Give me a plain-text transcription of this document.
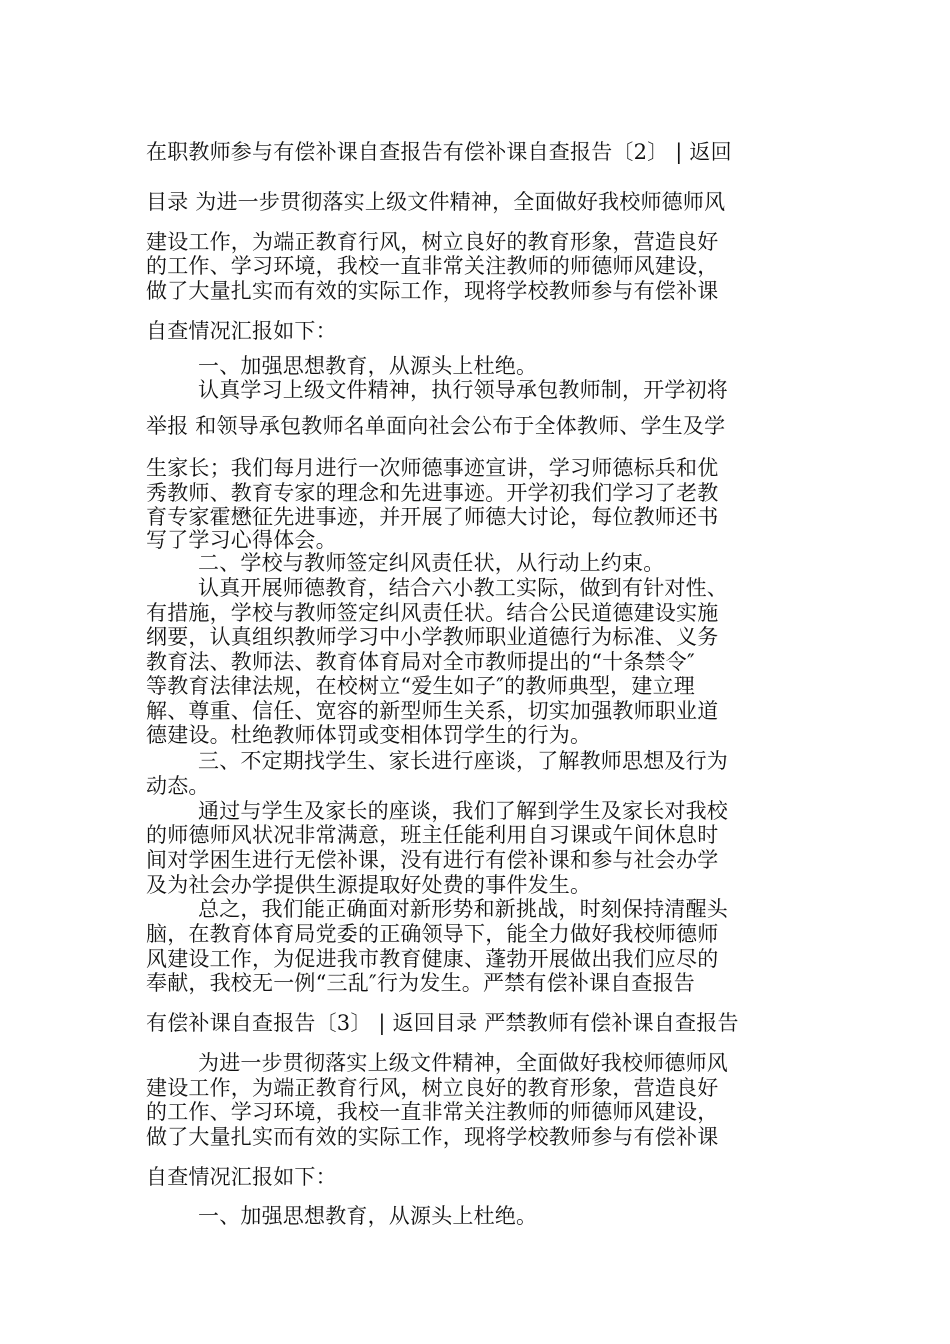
在职教师参与有偿补课自查报告有偿补课自查报告〔2〕 | 返回
目录 为进一步贯彻落实上级文件精神，全面做好我校师德师风
建设工作，为端正教育行风，树立良好的教育形象，营造良好
的工作、学习环境，我校一直非常关注教师的师德师风建设，
做了大量扎实而有效的实际工作，现将学校教师参与有偿补课
自查情况汇报如下：
一、加强思想教育，从源头上杜绝。
认真学习上级文件精神，执行领导承包教师制，开学初将
举报 和领导承包教师名单面向社会公布于全体教师、学生及学
生家长；我们每月进行一次师德事迹宣讲，学习师德标兵和优
秀教师、教育专家的理念和先进事迹。开学初我们学习了老教
育专家霍懋征先进事迹，并开展了师德大讨论，每位教师还书
写了学习心得体会。
二、学校与教师签定纠风责任状，从行动上约束。
认真开展师德教育，结合六小教工实际，做到有针对性、
有措施，学校与教师签定纠风责任状。结合公民道德建设实施
纲要，认真组织教师学习中小学教师职业道德行为标准、义务
教育法、教师法、教育体育局对全市教师提出的“十条禁令″
等教育法律法规，在校树立“爱生如子″的教师典型，建立理
解、尊重、信任、宽容的新型师生关系，切实加强教师职业道
德建设。杜绝教师体罚或变相体罚学生的行为。
三、不定期找学生、家长进行座谈，了解教师思想及行为
动态。
通过与学生及家长的座谈，我们了解到学生及家长对我校
的师德师风状况非常满意，班主任能利用自习课或午间休息时
间对学困生进行无偿补课，没有进行有偿补课和参与社会办学
及为社会办学提供生源提取好处费的事件发生。
总之，我们能正确面对新形势和新挑战，时刻保持清醒头
脑，在教育体育局党委的正确领导下，能全力做好我校师德师
风建设工作，为促进我市教育健康、蓬勃开展做出我们应尽的
奉献，我校无一例“三乱″行为发生。严禁有偿补课自查报告
有偿补课自查报告〔3〕 | 返回目录 严禁教师有偿补课自查报告
为进一步贯彻落实上级文件精神，全面做好我校师德师风
建设工作，为端正教育行风，树立良好的教育形象，营造良好
的工作、学习环境，我校一直非常关注教师的师德师风建设，
做了大量扎实而有效的实际工作，现将学校教师参与有偿补课
自查情况汇报如下：
一、加强思想教育，从源头上杜绝。
